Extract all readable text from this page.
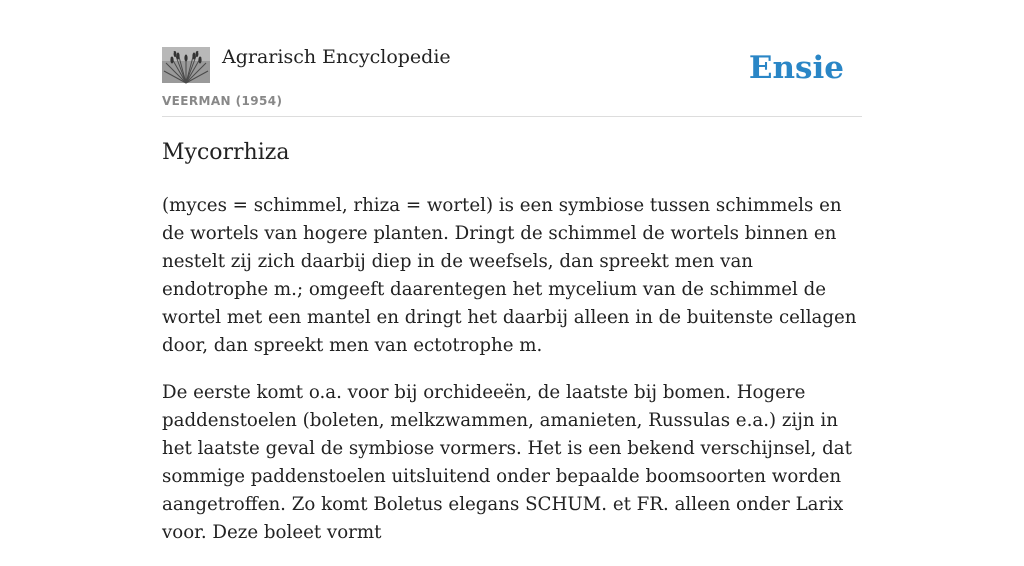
Agrarisch Encyclopedie
VEERMAN (1954)
Ensie
Mycorrhiza

(myces = schimmel, rhiza = wortel) is een symbiose tussen schimmels en de wortels van hogere planten. Dringt de schimmel de wortels binnen en nestelt zij zich daarbij diep in de weefsels, dan spreekt men van endotrophe m.; omgeeft daarentegen het mycelium van de schimmel de wortel met een mantel en dringt het daarbij alleen in de buitenste cellagen door, dan spreekt men van ectotrophe m.

De eerste komt o.a. voor bij orchideeën, de laatste bij bomen. Hogere paddenstoelen (boleten, melkzwammen, amanieten, Russulas e.a.) zijn in het laatste geval de symbiose vormers. Het is een bekend verschijnsel, dat sommige paddenstoelen uitsluitend onder bepaalde boomsoorten worden aangetroffen. Zo komt Boletus elegans SCHUM. et FR. alleen onder Larix voor. Deze boleet vormt
